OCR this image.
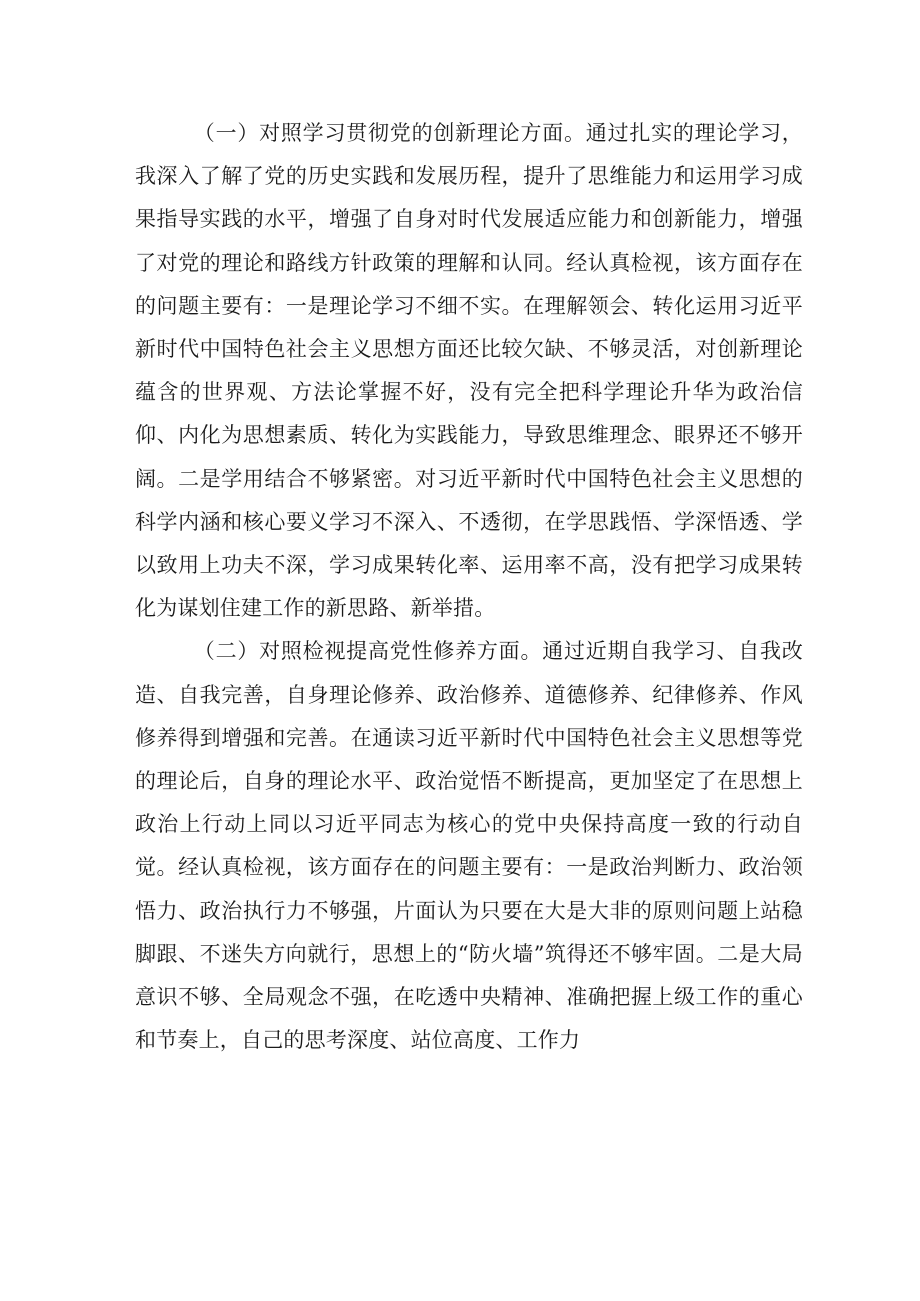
（一）对照学习贯彻党的创新理论方面。通过扎实的理论学习，我深入了解了党的历史实践和发展历程，提升了思维能力和运用学习成果指导实践的水平，增强了自身对时代发展适应能力和创新能力，增强了对党的理论和路线方针政策的理解和认同。经认真检视，该方面存在的问题主要有：一是理论学习不细不实。在理解领会、转化运用习近平新时代中国特色社会主义思想方面还比较欠缺、不够灵活，对创新理论蕴含的世界观、方法论掌握不好，没有完全把科学理论升华为政治信仰、内化为思想素质、转化为实践能力，导致思维理念、眼界还不够开阔。二是学用结合不够紧密。对习近平新时代中国特色社会主义思想的科学内涵和核心要义学习不深入、不透彻，在学思践悟、学深悟透、学以致用上功夫不深，学习成果转化率、运用率不高，没有把学习成果转化为谋划住建工作的新思路、新举措。

（二）对照检视提高党性修养方面。通过近期自我学习、自我改造、自我完善，自身理论修养、政治修养、道德修养、纪律修养、作风修养得到增强和完善。在通读习近平新时代中国特色社会主义思想等党的理论后，自身的理论水平、政治觉悟不断提高，更加坚定了在思想上政治上行动上同以习近平同志为核心的党中央保持高度一致的行动自觉。经认真检视，该方面存在的问题主要有：一是政治判断力、政治领悟力、政治执行力不够强，片面认为只要在大是大非的原则问题上站稳脚跟、不迷失方向就行，思想上的“防火墙”筑得还不够牢固。二是大局意识不够、全局观念不强，在吃透中央精神、准确把握上级工作的重心和节奏上，自己的思考深度、站位高度、工作力
